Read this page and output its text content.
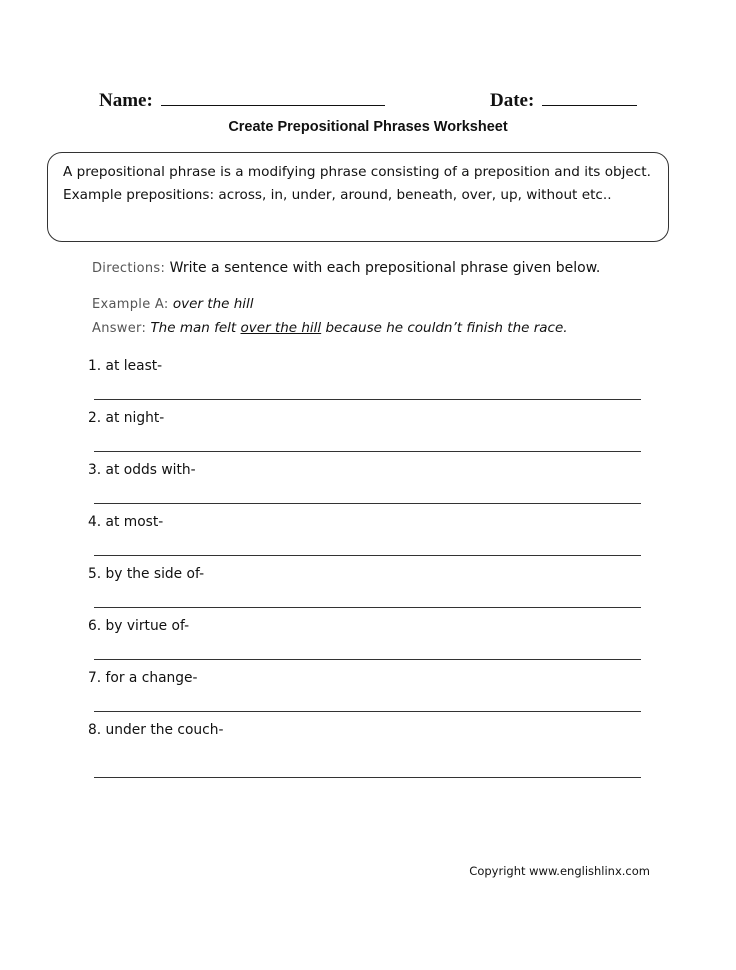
Name:	Date:
Create Prepositional Phrases Worksheet
A prepositional phrase is a modifying phrase consisting of a preposition and its object.
Example prepositions: across, in, under, around, beneath, over, up, without etc..
Directions: Write a sentence with each prepositional phrase given below.
Example A: over the hill
Answer: The man felt over the hill because he couldn’t finish the race.
1. at least-
2. at night-
3. at odds with-
4. at most-
5. by the side of-
6. by virtue of-
7. for a change-
8. under the couch-
Copyright www.englishlinx.com
